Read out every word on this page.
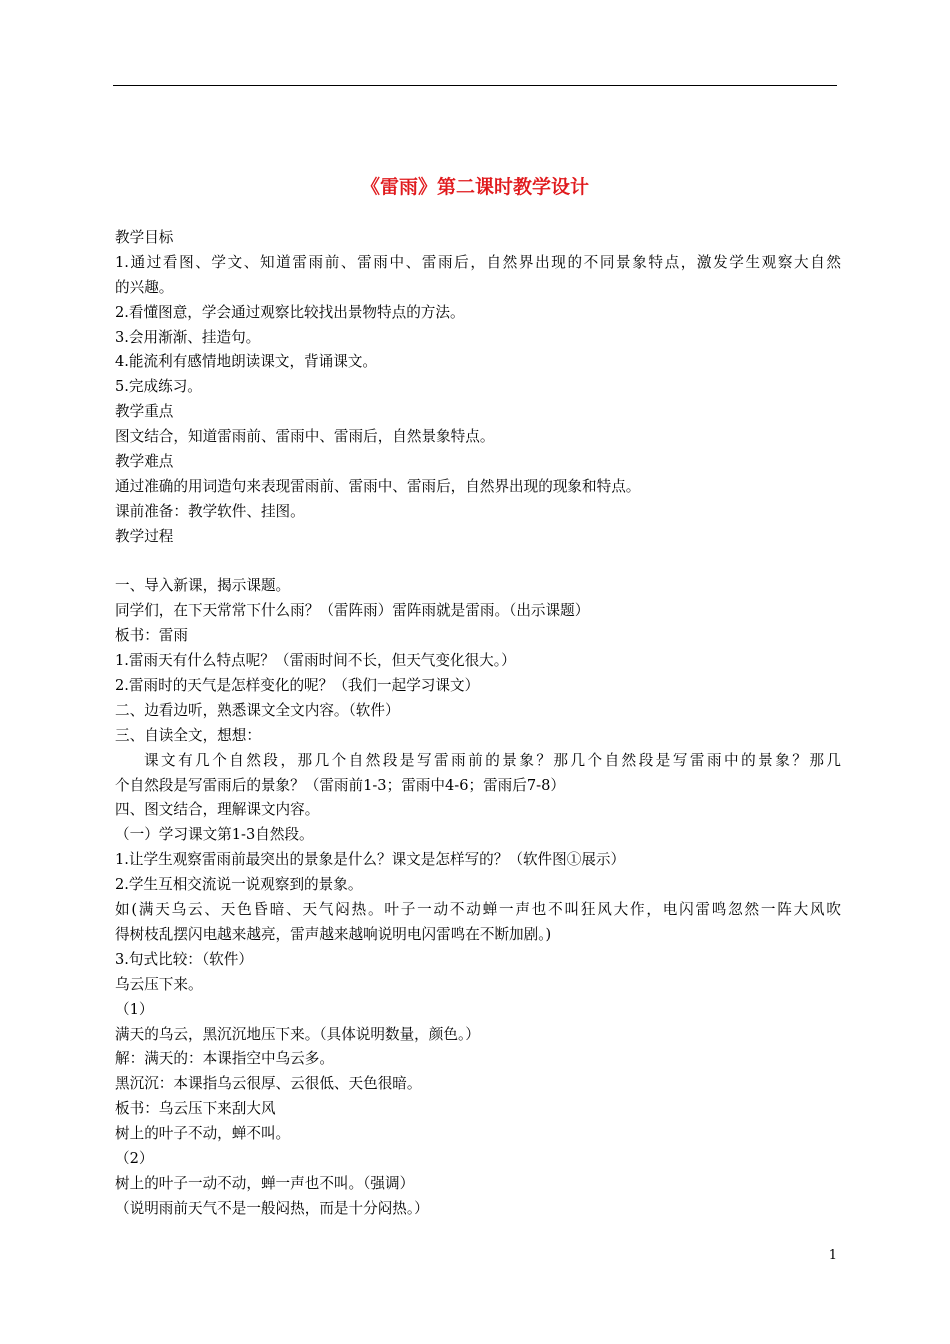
《雷雨》第二课时教学设计
教学目标
1.通过看图、学文、知道雷雨前、雷雨中、雷雨后，自然界出现的不同景象特点，激发学生观察大自然
的兴趣。
2.看懂图意，学会通过观察比较找出景物特点的方法。
3.会用渐渐、挂造句。
4.能流利有感情地朗读课文，背诵课文。
5.完成练习。
教学重点
图文结合，知道雷雨前、雷雨中、雷雨后，自然景象特点。
教学难点
通过准确的用词造句来表现雷雨前、雷雨中、雷雨后，自然界出现的现象和特点。
课前准备：教学软件、挂图。
教学过程
一、导入新课，揭示课题。
同学们，在下天常常下什么雨？（雷阵雨）雷阵雨就是雷雨。（出示课题）
板书：雷雨
1.雷雨天有什么特点呢？（雷雨时间不长，但天气变化很大。）
2.雷雨时的天气是怎样变化的呢？（我们一起学习课文）
二、边看边听，熟悉课文全文内容。（软件）
三、自读全文，想想：
课文有几个自然段，那几个自然段是写雷雨前的景象？那几个自然段是写雷雨中的景象？那几
个自然段是写雷雨后的景象？（雷雨前1-3；雷雨中4-6；雷雨后7-8）
四、图文结合，理解课文内容。
（一）学习课文第1-3自然段。
1.让学生观察雷雨前最突出的景象是什么？课文是怎样写的？（软件图①展示）
2.学生互相交流说一说观察到的景象。
如(满天乌云、天色昏暗、天气闷热。叶子一动不动蝉一声也不叫狂风大作，电闪雷鸣忽然一阵大风吹
得树枝乱摆闪电越来越亮，雷声越来越响说明电闪雷鸣在不断加剧。)
3.句式比较：（软件）
乌云压下来。
（1）
满天的乌云，黑沉沉地压下来。（具体说明数量，颜色。）
解：满天的：本课指空中乌云多。
黑沉沉：本课指乌云很厚、云很低、天色很暗。
板书：乌云压下来刮大风
树上的叶子不动，蝉不叫。
（2）
树上的叶子一动不动，蝉一声也不叫。（强调）
（说明雨前天气不是一般闷热，而是十分闷热。）
1
